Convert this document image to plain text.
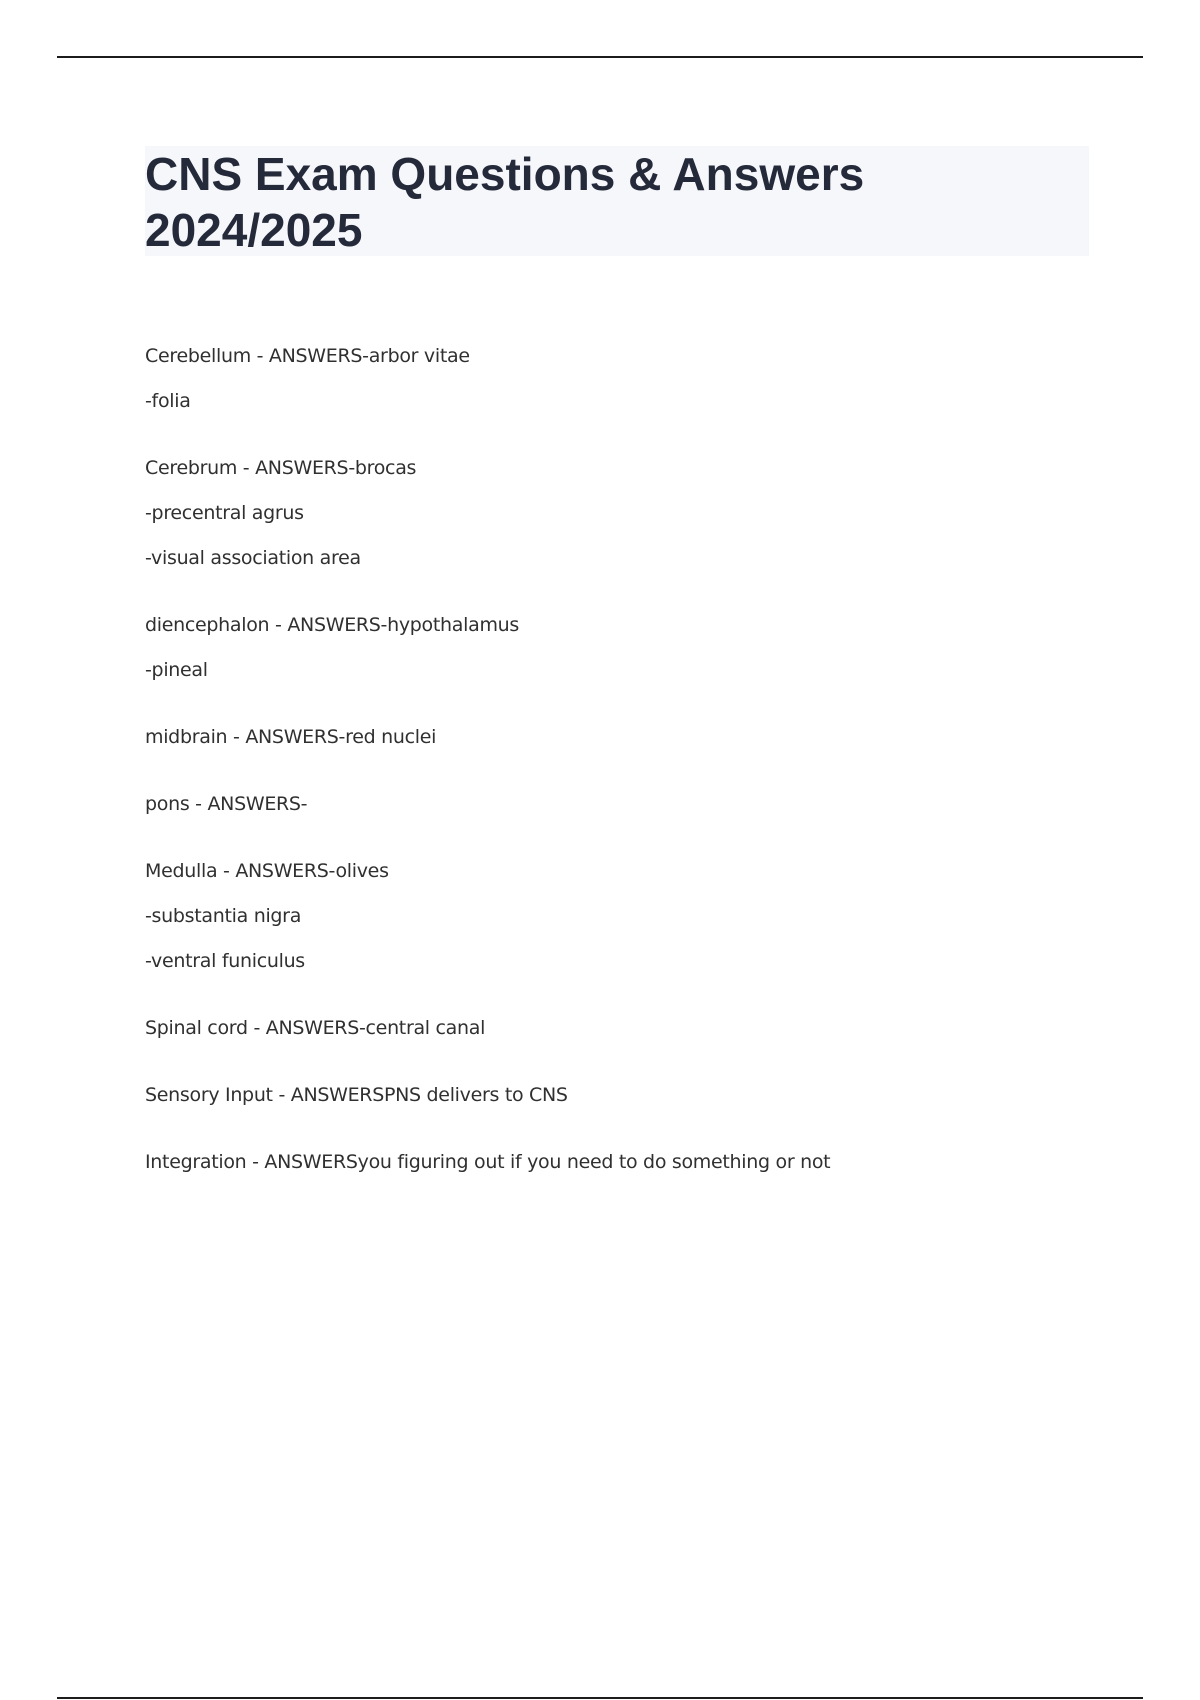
CNS Exam Questions & Answers
2024/2025
Cerebellum - ANSWERS-arbor vitae
-folia
Cerebrum - ANSWERS-brocas
-precentral agrus
-visual association area
diencephalon - ANSWERS-hypothalamus
-pineal
midbrain - ANSWERS-red nuclei
pons - ANSWERS-
Medulla - ANSWERS-olives
-substantia nigra
-ventral funiculus
Spinal cord - ANSWERS-central canal
Sensory Input - ANSWERSPNS delivers to CNS
Integration - ANSWERSyou figuring out if you need to do something or not
